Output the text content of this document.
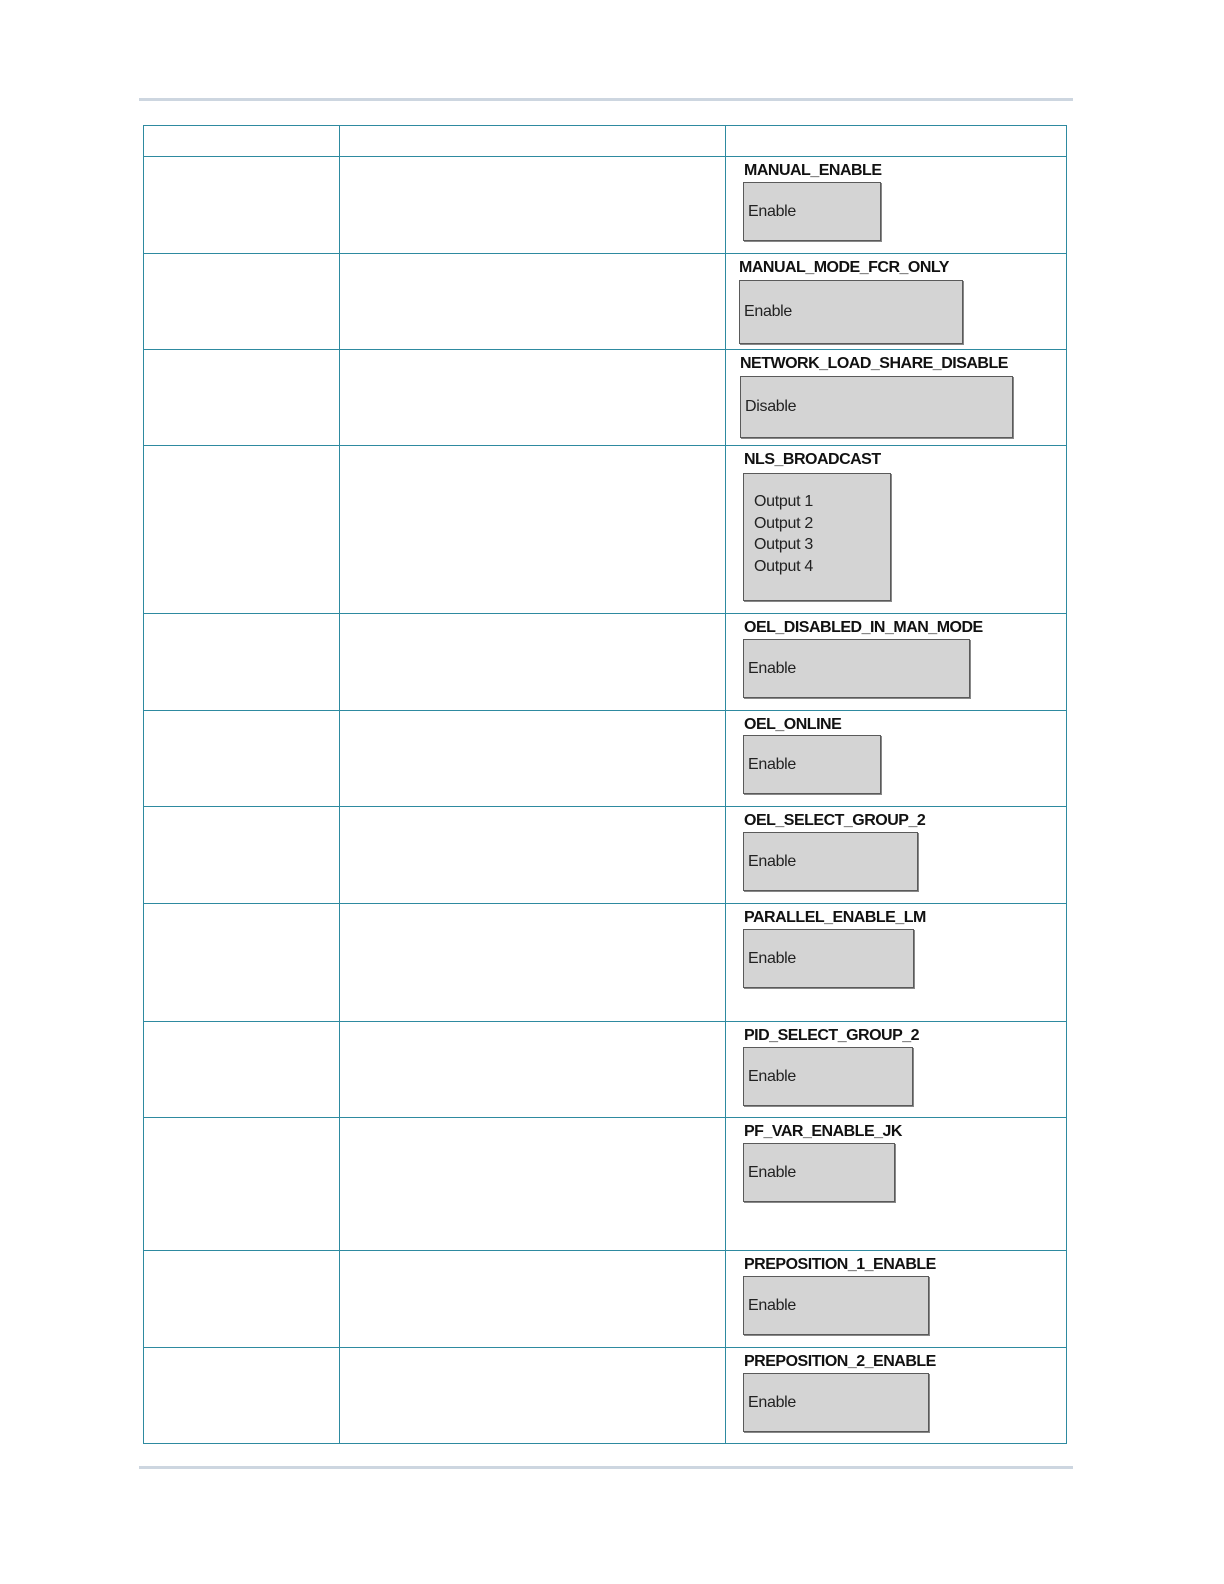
		MANUAL_ENABLE
Enable

		MANUAL_MODE_FCR_ONLY
Enable

		NETWORK_LOAD_SHARE_DISABLE
Disable

		NLS_BROADCAST
Output 1
Output 2
Output 3
Output 4

		OEL_DISABLED_IN_MAN_MODE
Enable

		OEL_ONLINE
Enable

		OEL_SELECT_GROUP_2
Enable

		PARALLEL_ENABLE_LM
Enable

		PID_SELECT_GROUP_2
Enable

		PF_VAR_ENABLE_JK
Enable

		PREPOSITION_1_ENABLE
Enable

		PREPOSITION_2_ENABLE
Enable
